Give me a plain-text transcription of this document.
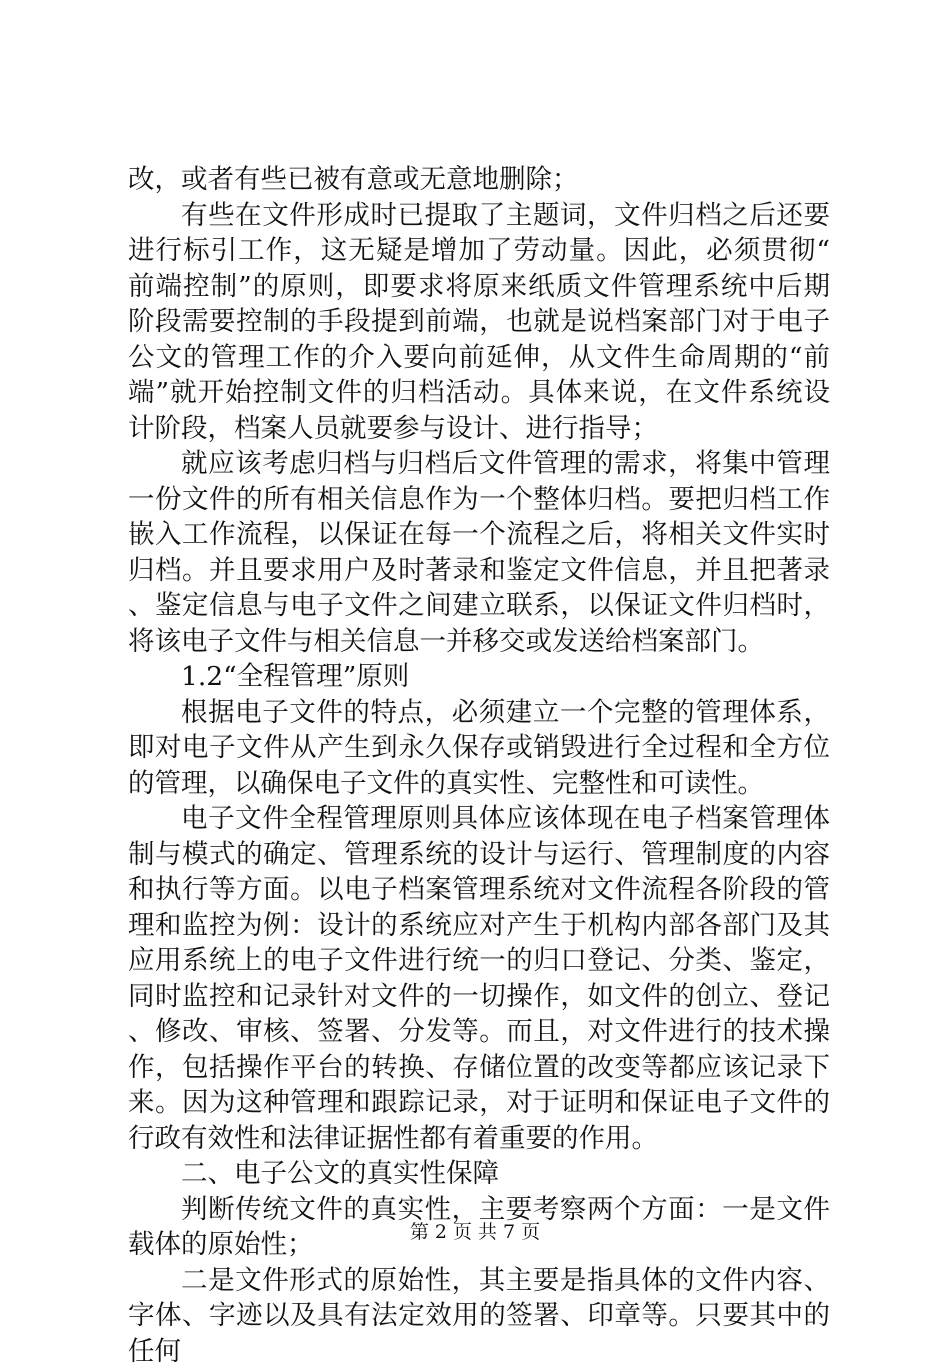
改，或者有些已被有意或无意地删除；

有些在文件形成时已提取了主题词，文件归档之后还要进行标引工作，这无疑是增加了劳动量。因此，必须贯彻“前端控制”的原则，即要求将原来纸质文件管理系统中后期阶段需要控制的手段提到前端，也就是说档案部门对于电子公文的管理工作的介入要向前延伸，从文件生命周期的“前端”就开始控制文件的归档活动。具体来说，在文件系统设计阶段，档案人员就要参与设计、进行指导；

就应该考虑归档与归档后文件管理的需求，将集中管理一份文件的所有相关信息作为一个整体归档。要把归档工作嵌入工作流程，以保证在每一个流程之后，将相关文件实时归档。并且要求用户及时著录和鉴定文件信息，并且把著录、鉴定信息与电子文件之间建立联系，以保证文件归档时，将该电子文件与相关信息一并移交或发送给档案部门。

1.2“全程管理”原则

根据电子文件的特点，必须建立一个完整的管理体系，即对电子文件从产生到永久保存或销毁进行全过程和全方位的管理，以确保电子文件的真实性、完整性和可读性。

电子文件全程管理原则具体应该体现在电子档案管理体制与模式的确定、管理系统的设计与运行、管理制度的内容和执行等方面。以电子档案管理系统对文件流程各阶段的管理和监控为例：设计的系统应对产生于机构内部各部门及其应用系统上的电子文件进行统一的归口登记、分类、鉴定，同时监控和记录针对文件的一切操作，如文件的创立、登记、修改、审核、签署、分发等。而且，对文件进行的技术操作，包括操作平台的转换、存储位置的改变等都应该记录下来。因为这种管理和跟踪记录，对于证明和保证电子文件的行政有效性和法律证据性都有着重要的作用。

二、电子公文的真实性保障

判断传统文件的真实性，主要考察两个方面：一是文件载体的原始性；

二是文件形式的原始性，其主要是指具体的文件内容、字体、字迹以及具有法定效用的签署、印章等。只要其中的任何

第 2 页 共 7 页
